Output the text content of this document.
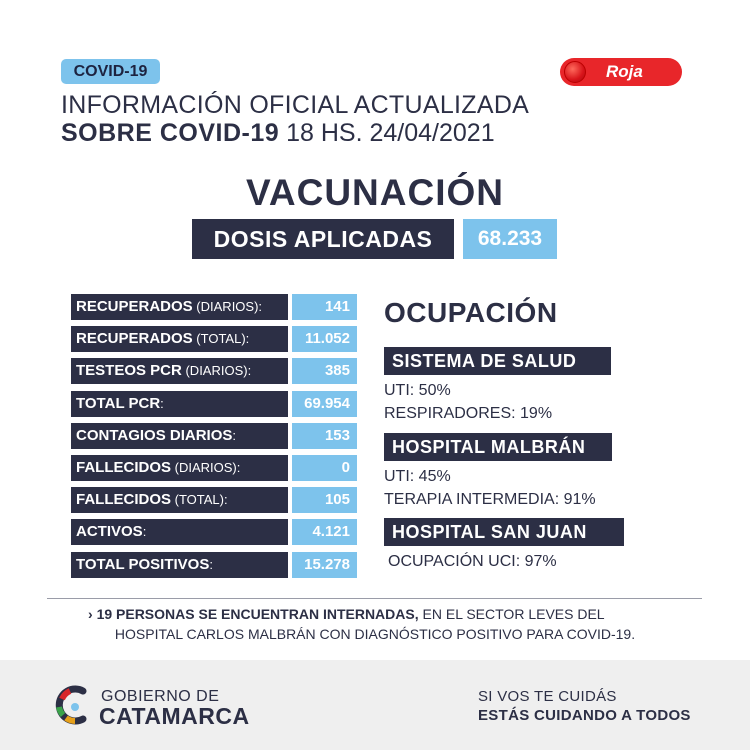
COVID-19	Roja
INFORMACIÓN OFICIAL ACTUALIZADA
SOBRE COVID-19 18 HS. 24/04/2021
VACUNACIÓN
DOSIS APLICADAS	68.233
RECUPERADOS (DIARIOS):	141
RECUPERADOS (TOTAL):	11.052
TESTEOS PCR (DIARIOS):	385
TOTAL PCR:	69.954
CONTAGIOS DIARIOS:	153
FALLECIDOS (DIARIOS):	0
FALLECIDOS (TOTAL):	105
ACTIVOS:	4.121
TOTAL POSITIVOS:	15.278
OCUPACIÓN
SISTEMA DE SALUD
UTI: 50%
RESPIRADORES: 19%
HOSPITAL MALBRÁN
UTI: 45%
TERAPIA INTERMEDIA: 91%
HOSPITAL SAN JUAN
OCUPACIÓN UCI: 97%
› 19 PERSONAS SE ENCUENTRAN INTERNADAS, EN EL SECTOR LEVES DEL
HOSPITAL CARLOS MALBRÁN CON DIAGNÓSTICO POSITIVO PARA COVID-19.
GOBIERNO DE
CATAMARCA
SI VOS TE CUIDÁS
ESTÁS CUIDANDO A TODOS
